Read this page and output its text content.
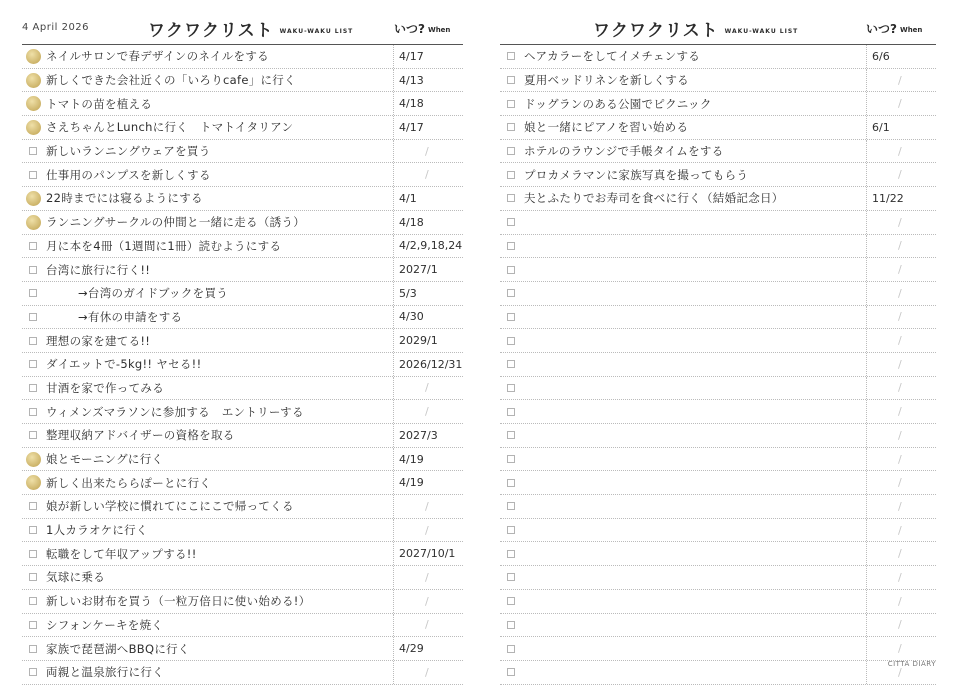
4 April 2026	ワクワクリスト WAKU-WAKU LIST	いつ? When
ネイルサロンで春デザインのネイルをする	4/17
新しくできた会社近くの「いろりcafe」に行く	4/13
トマトの苗を植える	4/18
さえちゃんとLunchに行く　トマトイタリアン	4/17
新しいランニングウェアを買う	/
仕事用のパンプスを新しくする	/
22時までには寝るようにする	4/1
ランニングサークルの仲間と一緒に走る（誘う）	4/18
月に本を4冊（1週間に1冊）読むようにする	4/2,9,18,24
台湾に旅行に行く!!	2027/1
→台湾のガイドブックを買う	5/3
→有休の申請をする	4/30
理想の家を建てる!!	2029/1
ダイエットで-5kg!! ヤセる!!	2026/12/31
甘酒を家で作ってみる	/
ウィメンズマラソンに参加する　エントリーする	/
整理収納アドバイザーの資格を取る	2027/3
娘とモーニングに行く	4/19
新しく出来たららぽーとに行く	4/19
娘が新しい学校に慣れてにこにこで帰ってくる	/
1人カラオケに行く	/
転職をして年収アップする!!	2027/10/1
気球に乗る	/
新しいお財布を買う（一粒万倍日に使い始める!）	/
シフォンケーキを焼く	/
家族で琵琶湖へBBQに行く	4/29
両親と温泉旅行に行く	/
ワクワクリスト WAKU-WAKU LIST	いつ? When
ヘアカラーをしてイメチェンする	6/6
夏用ベッドリネンを新しくする	/
ドッグランのある公園でピクニック	/
娘と一緒にピアノを習い始める	6/1
ホテルのラウンジで手帳タイムをする	/
プロカメラマンに家族写真を撮ってもらう	/
夫とふたりでお寿司を食べに行く（結婚記念日）	11/22
/
/
/
/
/
/
/
/
/
/
/
/
/
/
/
/
/
/
/
/
CITTA DIARY
